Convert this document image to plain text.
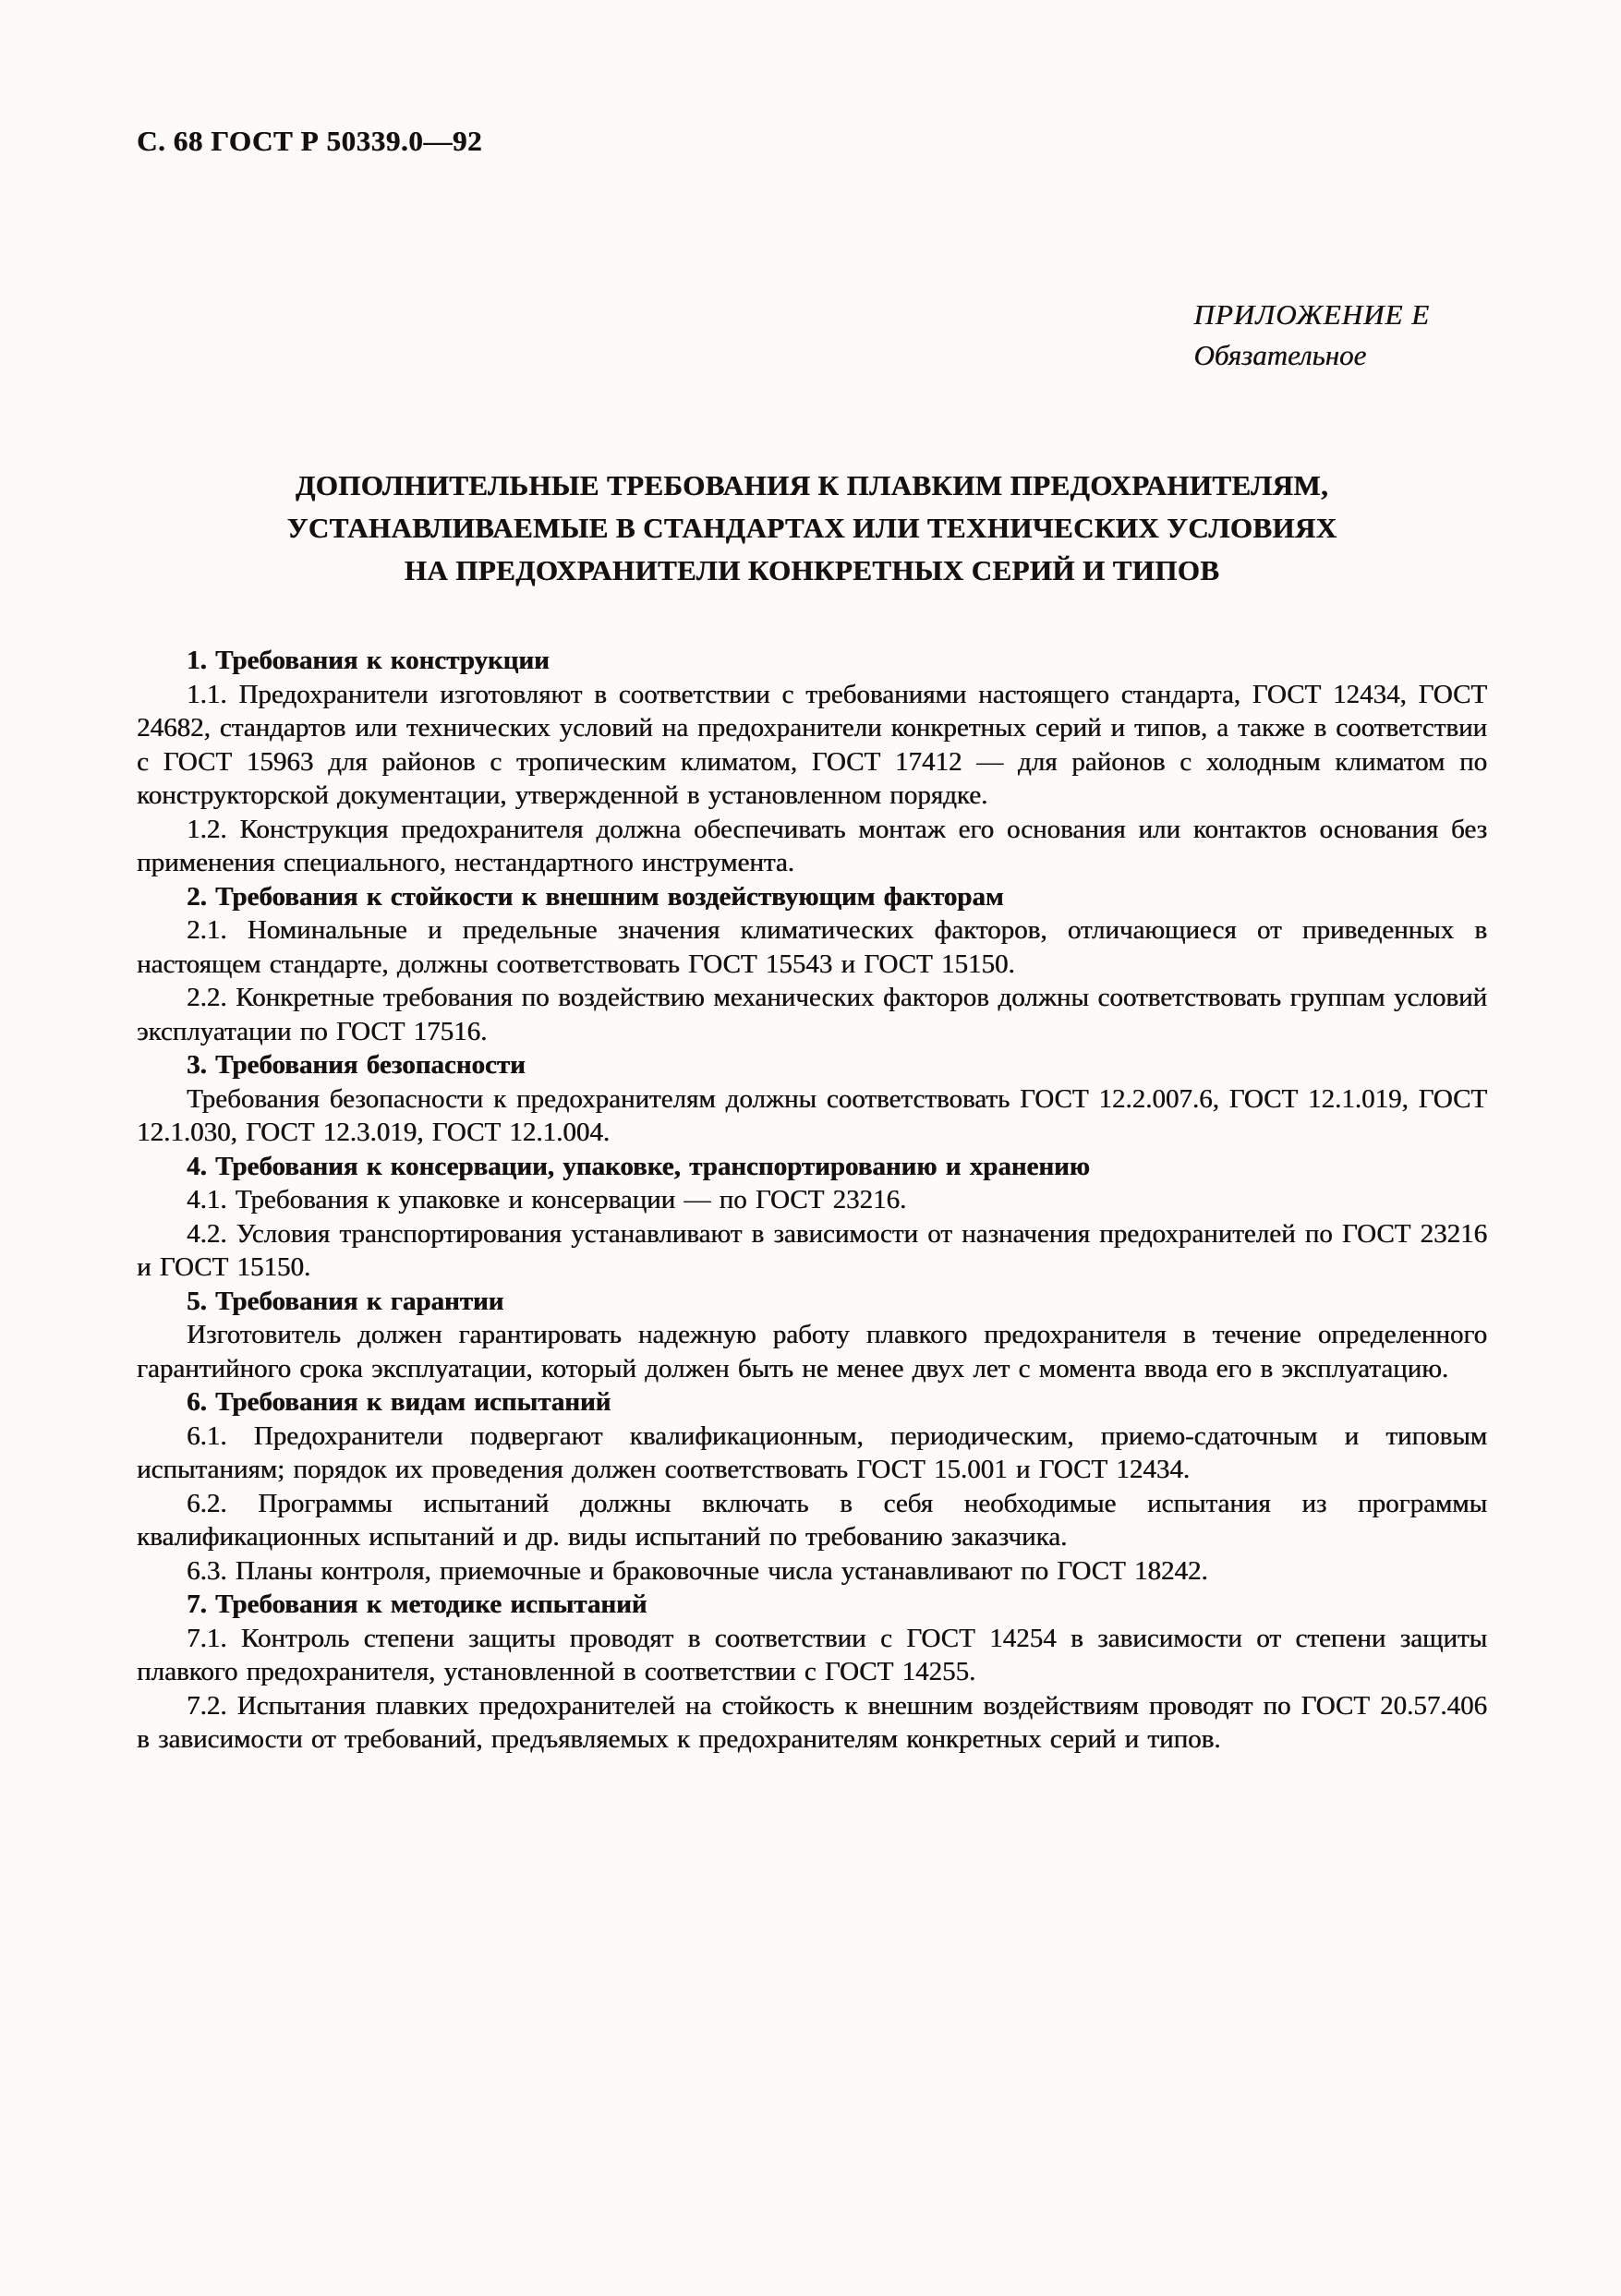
С. 68 ГОСТ Р 50339.0—92
ПРИЛОЖЕНИЕ Е
Обязательное
ДОПОЛНИТЕЛЬНЫЕ ТРЕБОВАНИЯ К ПЛАВКИМ ПРЕДОХРАНИТЕЛЯМ,
УСТАНАВЛИВАЕМЫЕ В СТАНДАРТАХ ИЛИ ТЕХНИЧЕСКИХ УСЛОВИЯХ
НА ПРЕДОХРАНИТЕЛИ КОНКРЕТНЫХ СЕРИЙ И ТИПОВ

1. Требования к конструкции

1.1. Предохранители изготовляют в соответствии с требованиями настоящего стандарта, ГОСТ 12434, ГОСТ 24682, стандартов или технических условий на предохранители конкретных серий и типов, а также в соответствии с ГОСТ 15963 для районов с тропическим климатом, ГОСТ 17412 — для районов с холодным климатом по конструкторской документации, утвержденной в установленном порядке.

1.2. Конструкция предохранителя должна обеспечивать монтаж его основания или контактов основания без применения специального, нестандартного инструмента.

2. Требования к стойкости к внешним воздействующим факторам

2.1. Номинальные и предельные значения климатических факторов, отличающиеся от приведенных в настоящем стандарте, должны соответствовать ГОСТ 15543 и ГОСТ 15150.

2.2. Конкретные требования по воздействию механических факторов должны соответствовать группам условий эксплуатации по ГОСТ 17516.

3. Требования безопасности

Требования безопасности к предохранителям должны соответствовать ГОСТ 12.2.007.6, ГОСТ 12.1.019, ГОСТ 12.1.030, ГОСТ 12.3.019, ГОСТ 12.1.004.

4. Требования к консервации, упаковке, транспортированию и хранению

4.1. Требования к упаковке и консервации — по ГОСТ 23216.

4.2. Условия транспортирования устанавливают в зависимости от назначения предохранителей по ГОСТ 23216 и ГОСТ 15150.

5. Требования к гарантии

Изготовитель должен гарантировать надежную работу плавкого предохранителя в течение определенного гарантийного срока эксплуатации, который должен быть не менее двух лет с момента ввода его в эксплуатацию.

6. Требования к видам испытаний

6.1. Предохранители подвергают квалификационным, периодическим, приемо-сдаточным и типовым испытаниям; порядок их проведения должен соответствовать ГОСТ 15.001 и ГОСТ 12434.

6.2. Программы испытаний должны включать в себя необходимые испытания из программы квалификационных испытаний и др. виды испытаний по требованию заказчика.

6.3. Планы контроля, приемочные и браковочные числа устанавливают по ГОСТ 18242.

7. Требования к методике испытаний

7.1. Контроль степени защиты проводят в соответствии с ГОСТ 14254 в зависимости от степени защиты плавкого предохранителя, установленной в соответствии с ГОСТ 14255.

7.2. Испытания плавких предохранителей на стойкость к внешним воздействиям проводят по ГОСТ 20.57.406 в зависимости от требований, предъявляемых к предохранителям конкретных серий и типов.
